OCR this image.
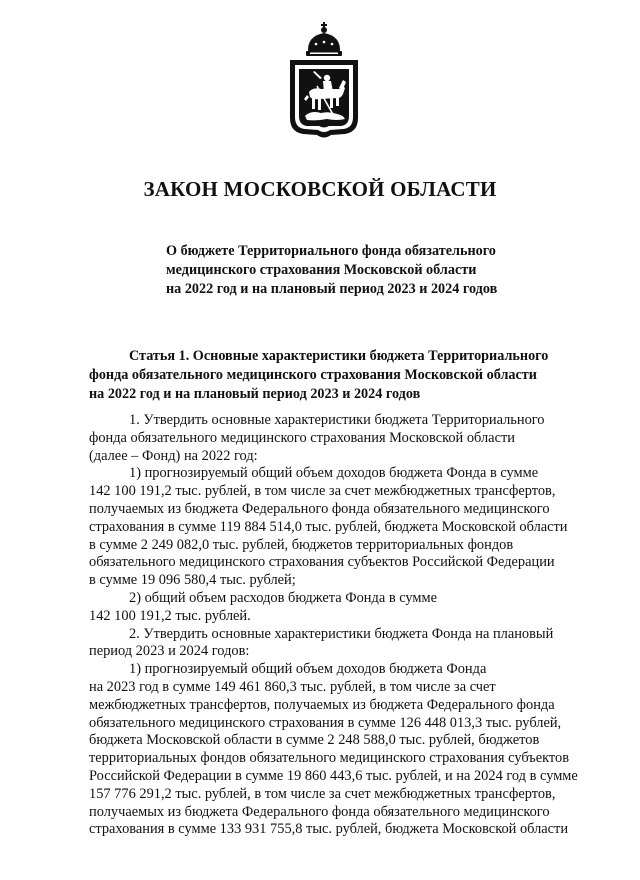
ЗАКОН МОСКОВСКОЙ ОБЛАСТИ
О бюджете Территориального фонда обязательного
медицинского страхования Московской области
на 2022 год и на плановый период 2023 и 2024 годов
Статья 1. Основные характеристики бюджета Территориального
фонда обязательного медицинского страхования Московской области
на 2022 год и на плановый период 2023 и 2024 годов
1. Утвердить основные характеристики бюджета Территориального
фонда обязательного медицинского страхования Московской области
(далее – Фонд) на 2022 год:
1) прогнозируемый общий объем доходов бюджета Фонда в сумме
142 100 191,2 тыс. рублей, в том числе за счет межбюджетных трансфертов,
получаемых из бюджета Федерального фонда обязательного медицинского
страхования в сумме 119 884 514,0 тыс. рублей, бюджета Московской области
в сумме 2 249 082,0 тыс. рублей, бюджетов территориальных фондов
обязательного медицинского страхования субъектов Российской Федерации
в сумме 19 096 580,4 тыс. рублей;
2) общий объем расходов бюджета Фонда в сумме
142 100 191,2 тыс. рублей.
2. Утвердить основные характеристики бюджета Фонда на плановый
период 2023 и 2024 годов:
1) прогнозируемый общий объем доходов бюджета Фонда
на 2023 год в сумме 149 461 860,3 тыс. рублей, в том числе за счет
межбюджетных трансфертов, получаемых из бюджета Федерального фонда
обязательного медицинского страхования в сумме 126 448 013,3 тыс. рублей,
бюджета Московской области в сумме 2 248 588,0 тыс. рублей, бюджетов
территориальных фондов обязательного медицинского страхования субъектов
Российской Федерации в сумме 19 860 443,6 тыс. рублей, и на 2024 год в сумме
157 776 291,2 тыс. рублей, в том числе за счет межбюджетных трансфертов,
получаемых из бюджета Федерального фонда обязательного медицинского
страхования в сумме 133 931 755,8 тыс. рублей, бюджета Московской области
